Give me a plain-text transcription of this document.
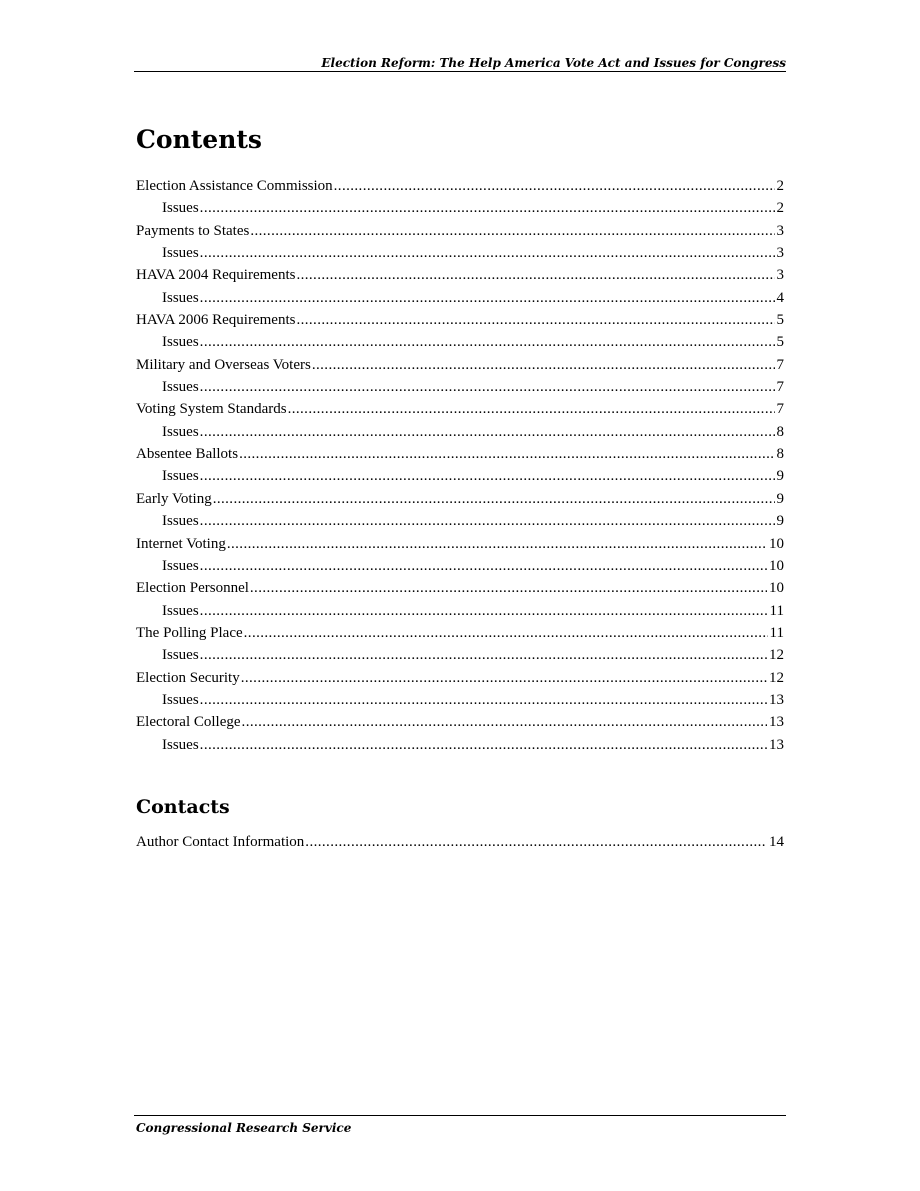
Election Reform: The Help America Vote Act and Issues for Congress
Contents
Election Assistance Commission .....	2
Issues .....	2
Payments to States .....	3
Issues .....	3
HAVA 2004 Requirements .....	3
Issues .....	4
HAVA 2006 Requirements .....	5
Issues .....	5
Military and Overseas Voters .....	7
Issues .....	7
Voting System Standards .....	7
Issues .....	8
Absentee Ballots .....	8
Issues .....	9
Early Voting .....	9
Issues .....	9
Internet Voting .....	10
Issues .....	10
Election Personnel .....	10
Issues .....	11
The Polling Place .....	11
Issues .....	12
Election Security .....	12
Issues .....	13
Electoral College .....	13
Issues .....	13
Contacts
Author Contact Information .....	14
Congressional Research Service
